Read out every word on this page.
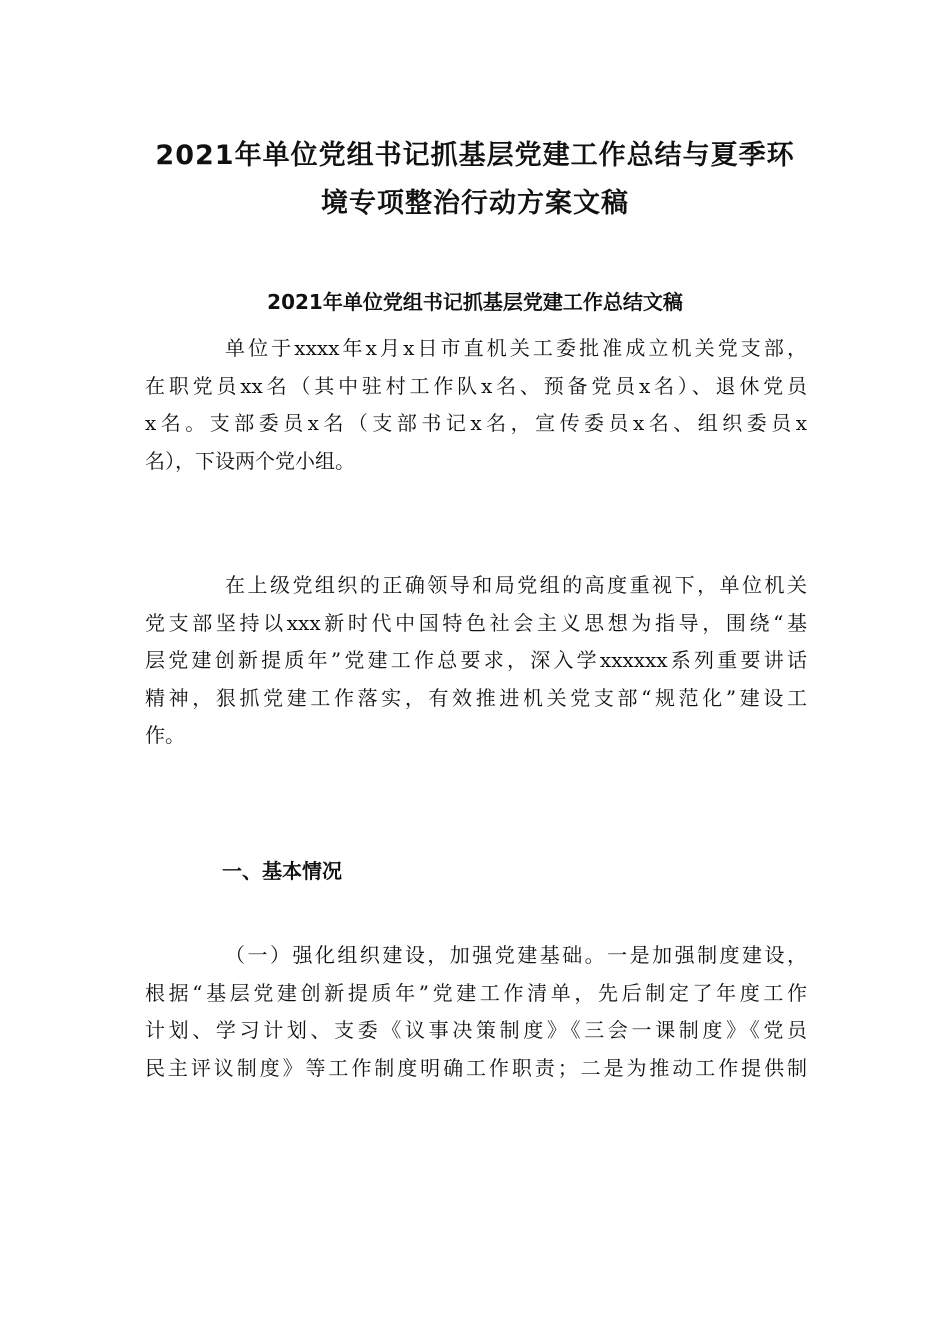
2021年单位党组书记抓基层党建工作总结与夏季环
境专项整治行动方案文稿
2021年单位党组书记抓基层党建工作总结文稿
单位于xxxx年x月x日市直机关工委批准成立机关党支部，
在职党员xx名（其中驻村工作队x名、预备党员x名）、退休党员
x名。支部委员x名（支部书记x名，宣传委员x名、组织委员x
名），下设两个党小组。
在上级党组织的正确领导和局党组的高度重视下，单位机关
党支部坚持以xxx新时代中国特色社会主义思想为指导，围绕“基
层党建创新提质年”党建工作总要求，深入学xxxxxx系列重要讲话
精神，狠抓党建工作落实，有效推进机关党支部“规范化”建设工
作。
一、基本情况
（一）强化组织建设，加强党建基础。一是加强制度建设，
根据“基层党建创新提质年”党建工作清单，先后制定了年度工作
计划、学习计划、支委《议事决策制度》《三会一课制度》《党员
民主评议制度》等工作制度明确工作职责；二是为推动工作提供制
